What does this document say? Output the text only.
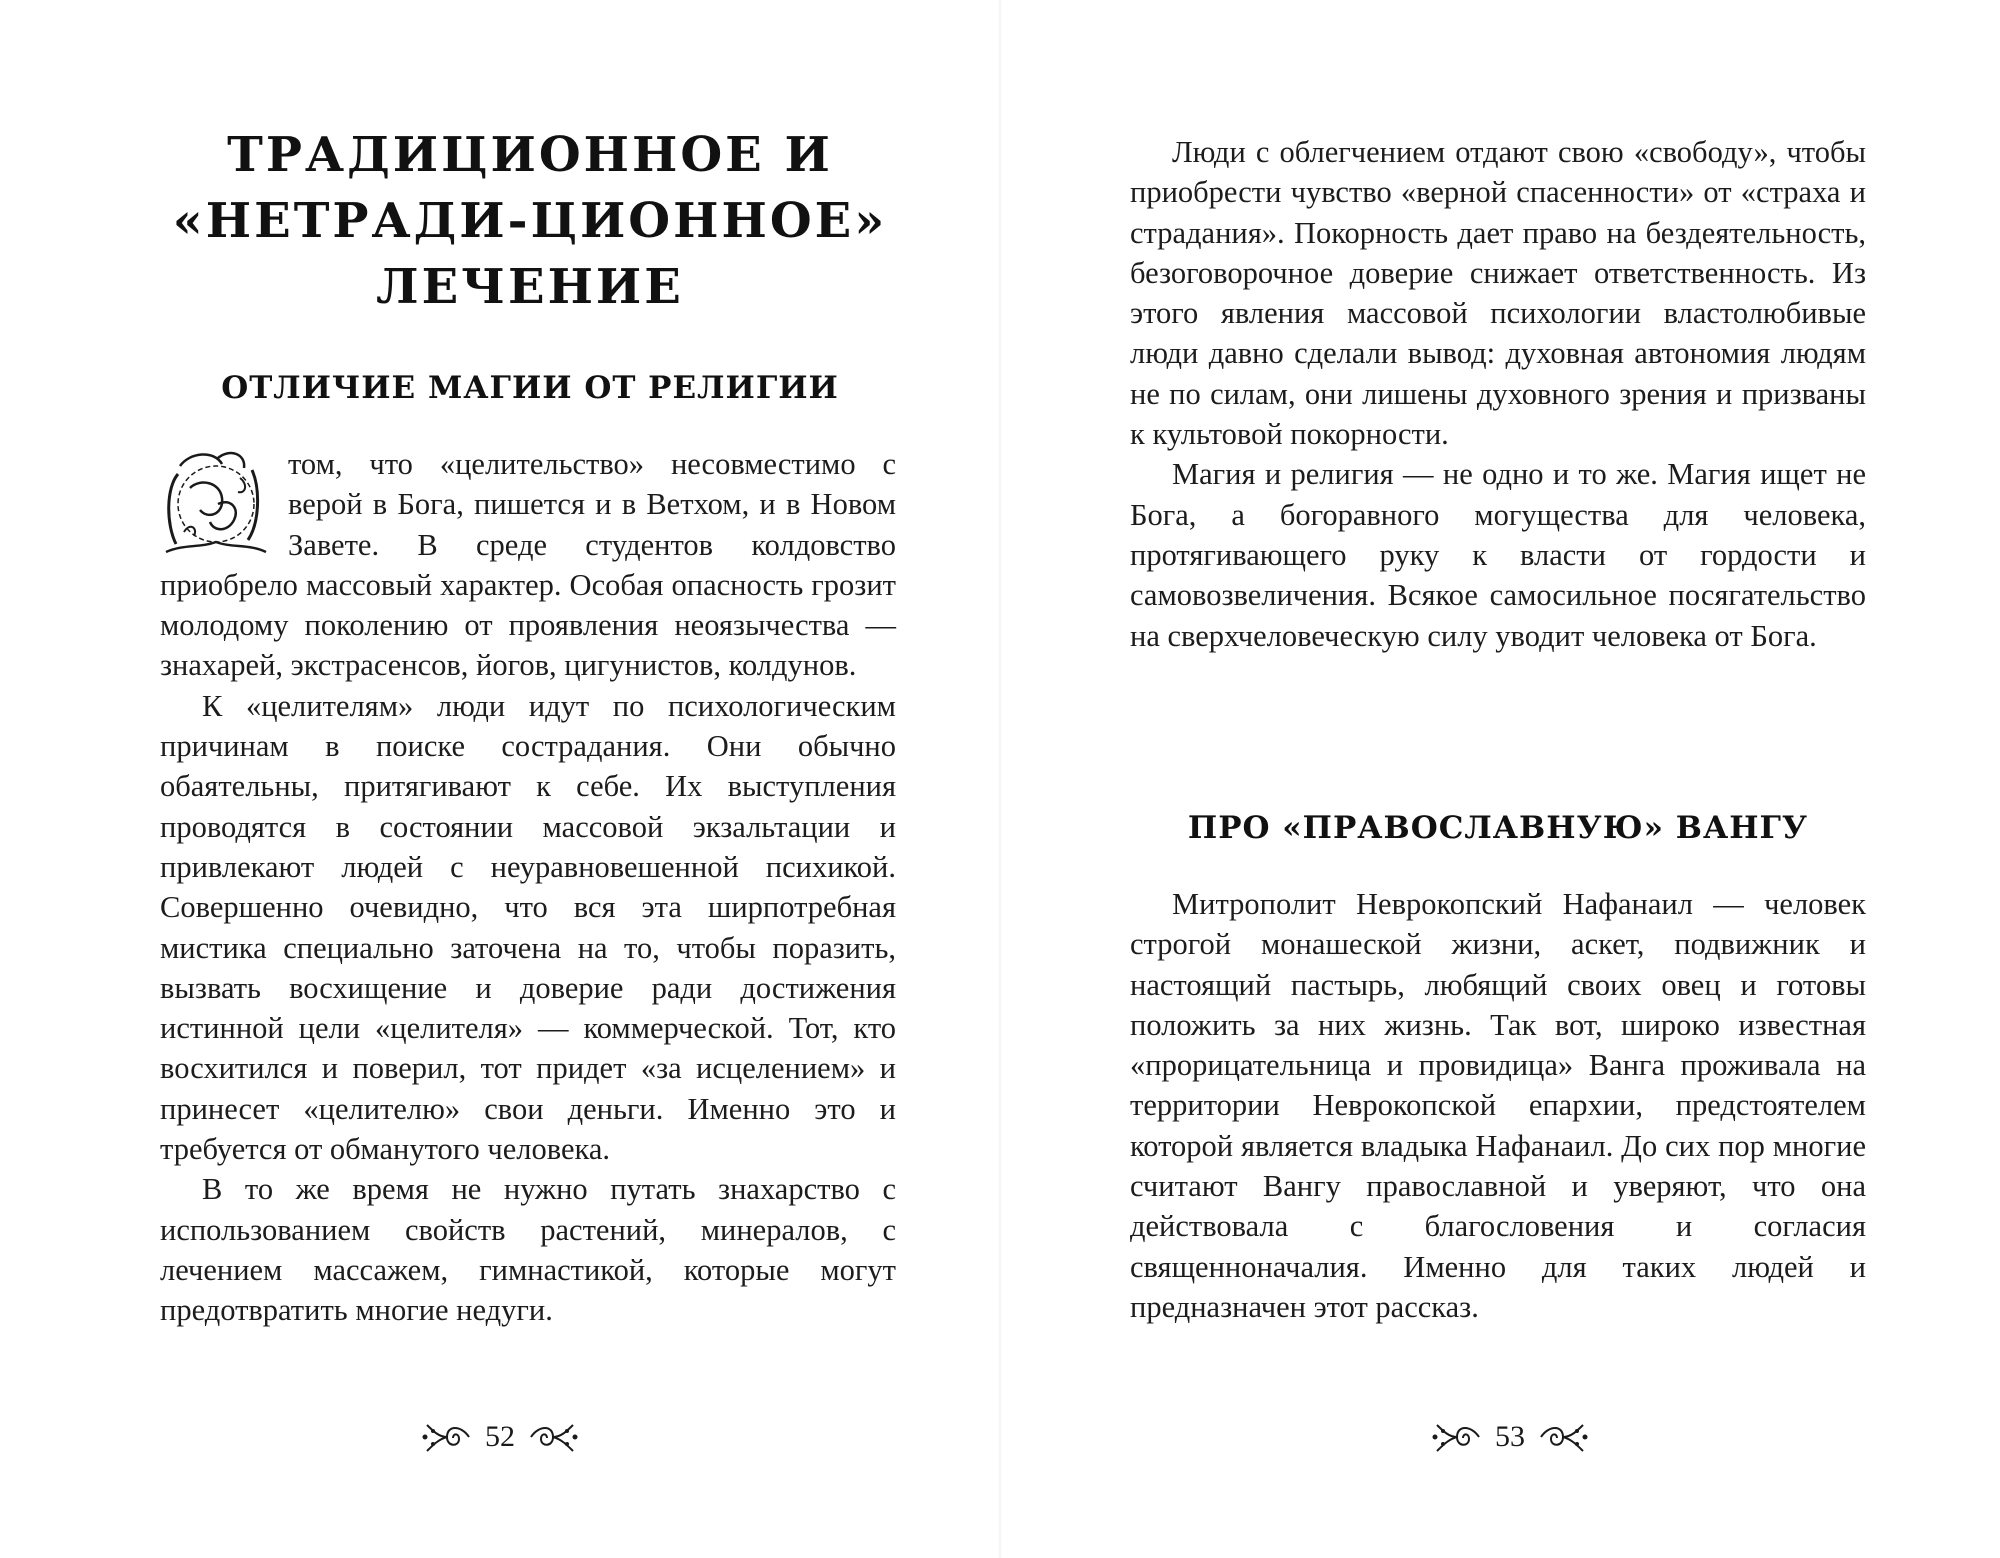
ТРАДИЦИОННОЕ И «НЕТРАДИ-ЦИОННОЕ» ЛЕЧЕНИЕ
ОТЛИЧИЕ МАГИИ ОТ РЕЛИГИИ

том, что «целительство» несовместимо с верой в Бога, пишется и в Ветхом, и в Новом Завете. В среде студентов колдовство приобрело массовый характер. Особая опасность грозит молодому поколению от проявления неоязычества — знахарей, экстрасенсов, йогов, цигунистов, колдунов.

К «целителям» люди идут по психологическим причинам в поиске сострадания. Они обычно обаятельны, притягивают к себе. Их выступления проводятся в состоянии массовой экзальтации и привлекают людей с неуравновешенной психикой. Совершенно очевидно, что вся эта ширпотребная мистика специально заточена на то, чтобы поразить, вызвать восхищение и доверие ради достижения истинной цели «целителя» — коммерческой. Тот, кто восхитился и поверил, тот придет «за исцелением» и принесет «целителю» свои деньги. Именно это и требуется от обманутого человека.

В то же время не нужно путать знахарство с использованием свойств растений, минералов, с лечением массажем, гимнастикой, которые могут предотвратить многие недуги.

52

Люди с облегчением отдают свою «свободу», чтобы приобрести чувство «верной спасенности» от «страха и страдания». Покорность дает право на бездеятельность, безоговорочное доверие снижает ответственность. Из этого явления массовой психологии властолюбивые люди давно сделали вывод: духовная автономия людям не по силам, они лишены духовного зрения и призваны к культовой покорности.

Магия и религия — не одно и то же. Магия ищет не Бога, а богоравного могущества для человека, протягивающего руку к власти от гордости и самовозвеличения. Всякое самосильное посягательство на сверхчеловеческую силу уводит человека от Бога.

ПРО «ПРАВОСЛАВНУЮ» ВАНГУ

Митрополит Неврокопский Нафанаил — человек строгой монашеской жизни, аскет, подвижник и настоящий пастырь, любящий своих овец и готовы положить за них жизнь. Так вот, широко известная «прорицательница и провидица» Ванга проживала на территории Неврокопской епархии, предстоятелем которой является владыка Нафанаил. До сих пор многие считают Вангу православной и уверяют, что она действовала с благословения и согласия священноначалия. Именно для таких людей и предназначен этот рассказ.

53
